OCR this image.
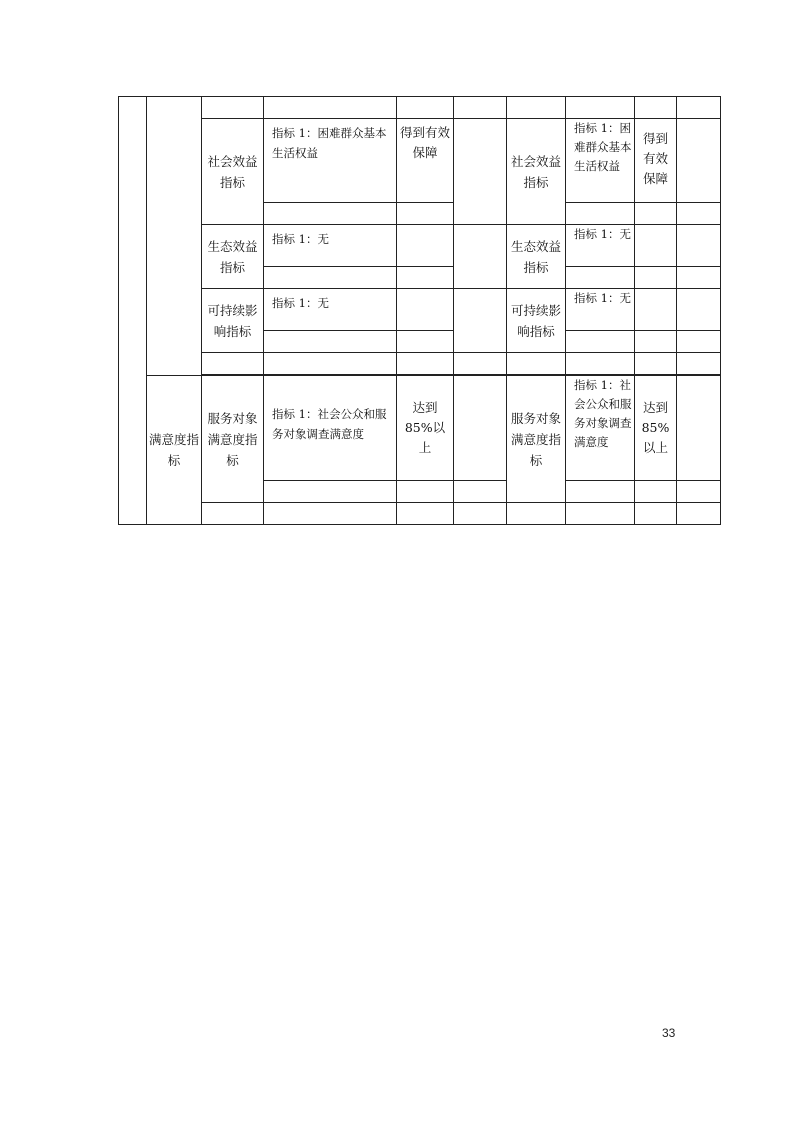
		社会效益指标	指标 1：困难群众基本生活权益	得到有效保障		社会效益指标	指标 1：困难群众基本生活权益	得到有效保障	

		生态效益指标	指标 1：无			生态效益指标	指标 1：无		

		可持续影响指标	指标 1：无			可持续影响指标	指标 1：无		

	满意度指标	服务对象满意度指标	指标 1：社会公众和服务对象调查满意度	达到85%以上		服务对象满意度指标	指标 1：社会公众和服务对象调查满意度	达到85%以上	

33
